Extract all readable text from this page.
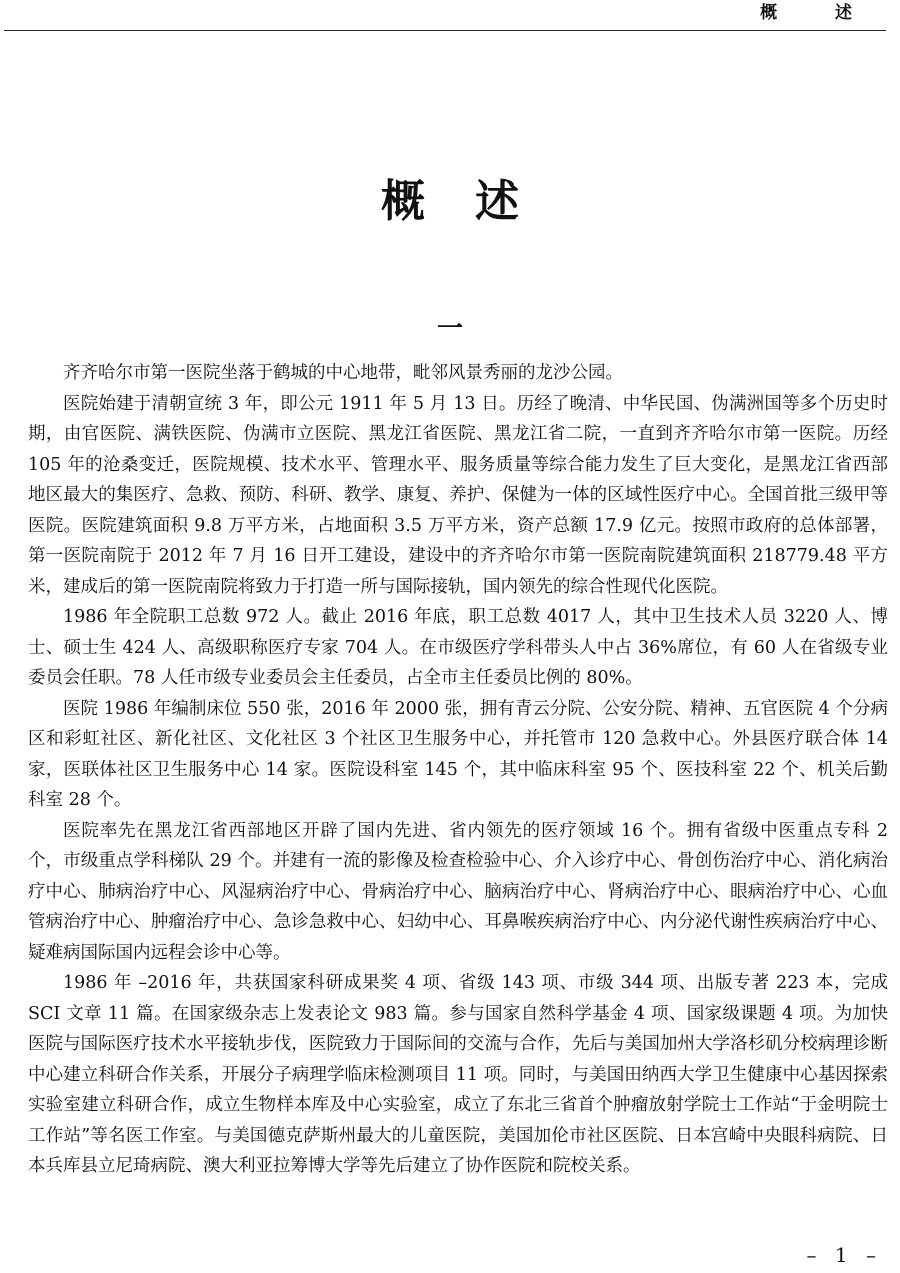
概 述
概述
一

齐齐哈尔市第一医院坐落于鹤城的中心地带，毗邻风景秀丽的龙沙公园。

医院始建于清朝宣统 3 年，即公元 1911 年 5 月 13 日。历经了晚清、中华民国、伪满洲国等多个历史时期，由官医院、满铁医院、伪满市立医院、黑龙江省医院、黑龙江省二院，一直到齐齐哈尔市第一医院。历经 105 年的沧桑变迁，医院规模、技术水平、管理水平、服务质量等综合能力发生了巨大变化，是黑龙江省西部地区最大的集医疗、急救、预防、科研、教学、康复、养护、保健为一体的区域性医疗中心。全国首批三级甲等医院。医院建筑面积 9.8 万平方米，占地面积 3.5 万平方米，资产总额 17.9 亿元。按照市政府的总体部署，第一医院南院于 2012 年 7 月 16 日开工建设，建设中的齐齐哈尔市第一医院南院建筑面积 218779.48 平方米，建成后的第一医院南院将致力于打造一所与国际接轨，国内领先的综合性现代化医院。

1986 年全院职工总数 972 人。截止 2016 年底，职工总数 4017 人，其中卫生技术人员 3220 人、博士、硕士生 424 人、高级职称医疗专家 704 人。在市级医疗学科带头人中占 36%席位，有 60 人在省级专业委员会任职。78 人任市级专业委员会主任委员，占全市主任委员比例的 80%。

医院 1986 年编制床位 550 张，2016 年 2000 张，拥有青云分院、公安分院、精神、五官医院 4 个分病区和彩虹社区、新化社区、文化社区 3 个社区卫生服务中心，并托管市 120 急救中心。外县医疗联合体 14 家，医联体社区卫生服务中心 14 家。医院设科室 145 个，其中临床科室 95 个、医技科室 22 个、机关后勤科室 28 个。

医院率先在黑龙江省西部地区开辟了国内先进、省内领先的医疗领域 16 个。拥有省级中医重点专科 2 个，市级重点学科梯队 29 个。并建有一流的影像及检查检验中心、介入诊疗中心、骨创伤治疗中心、消化病治疗中心、肺病治疗中心、风湿病治疗中心、骨病治疗中心、脑病治疗中心、肾病治疗中心、眼病治疗中心、心血管病治疗中心、肿瘤治疗中心、急诊急救中心、妇幼中心、耳鼻喉疾病治疗中心、内分泌代谢性疾病治疗中心、疑难病国际国内远程会诊中心等。

1986 年 –2016 年，共获国家科研成果奖 4 项、省级 143 项、市级 344 项、出版专著 223 本，完成 SCI 文章 11 篇。在国家级杂志上发表论文 983 篇。参与国家自然科学基金 4 项、国家级课题 4 项。为加快医院与国际医疗技术水平接轨步伐，医院致力于国际间的交流与合作，先后与美国加州大学洛杉矶分校病理诊断中心建立科研合作关系，开展分子病理学临床检测项目 11 项。同时，与美国田纳西大学卫生健康中心基因探索实验室建立科研合作，成立生物样本库及中心实验室，成立了东北三省首个肿瘤放射学院士工作站“于金明院士工作站”等名医工作室。与美国德克萨斯州最大的儿童医院，美国加伦市社区医院、日本宫崎中央眼科病院、日本兵库县立尼琦病院、澳大利亚拉筹博大学等先后建立了协作医院和院校关系。

– 1 –
